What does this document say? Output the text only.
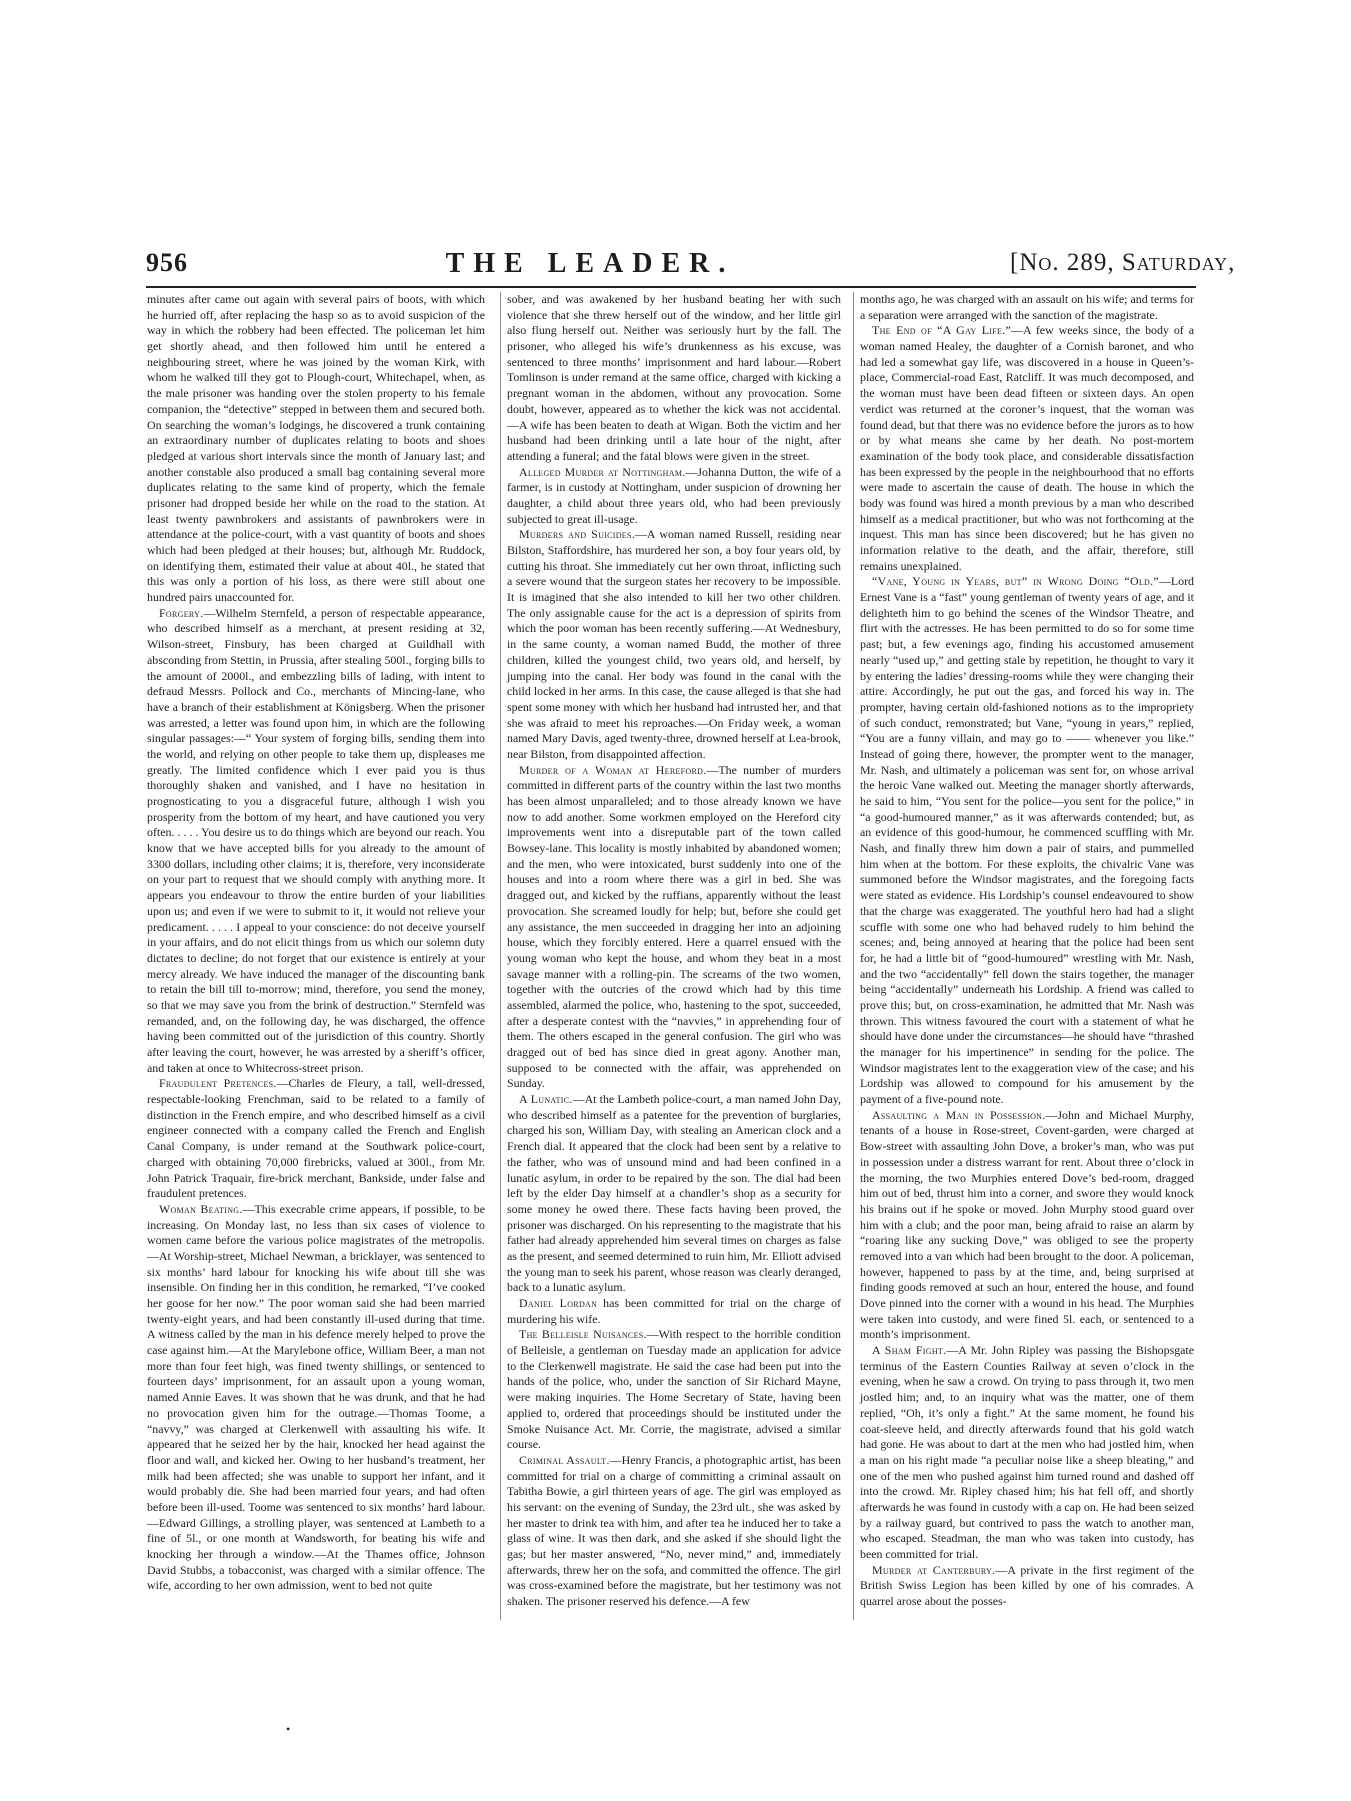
956	THE LEADER.	[No. 289, Saturday,

minutes after came out again with several pairs of boots, with which he hurried off, after replacing the hasp so as to avoid suspicion of the way in which the robbery had been effected. The policeman let him get shortly ahead, and then followed him until he entered a neighbouring street, where he was joined by the woman Kirk, with whom he walked till they got to Plough-court, Whitechapel, when, as the male prisoner was handing over the stolen property to his female companion, the “detective” stepped in between them and secured both. On searching the woman’s lodgings, he discovered a trunk containing an extraordinary number of duplicates relating to boots and shoes pledged at various short intervals since the month of January last; and another constable also produced a small bag containing several more duplicates relating to the same kind of property, which the female prisoner had dropped beside her while on the road to the station. At least twenty pawnbrokers and assistants of pawnbrokers were in attendance at the police-court, with a vast quantity of boots and shoes which had been pledged at their houses; but, although Mr. Ruddock, on identifying them, estimated their value at about 40l., he stated that this was only a portion of his loss, as there were still about one hundred pairs unaccounted for.

Forgery.—Wilhelm Sternfeld, a person of respectable appearance, who described himself as a merchant, at present residing at 32, Wilson-street, Finsbury, has been charged at Guildhall with absconding from Stettin, in Prussia, after stealing 500l., forging bills to the amount of 2000l., and embezzling bills of lading, with intent to defraud Messrs. Pollock and Co., merchants of Mincing-lane, who have a branch of their establishment at Königsberg. When the prisoner was arrested, a letter was found upon him, in which are the following singular passages:—“ Your system of forging bills, sending them into the world, and relying on other people to take them up, displeases me greatly. The limited confidence which I ever paid you is thus thoroughly shaken and vanished, and I have no hesitation in prognosticating to you a disgraceful future, although I wish you prosperity from the bottom of my heart, and have cautioned you very often. . . . . You desire us to do things which are beyond our reach. You know that we have accepted bills for you already to the amount of 3300 dollars, including other claims; it is, therefore, very inconsiderate on your part to request that we should comply with anything more. It appears you endeavour to throw the entire burden of your liabilities upon us; and even if we were to submit to it, it would not relieve your predicament. . . . . I appeal to your conscience: do not deceive yourself in your affairs, and do not elicit things from us which our solemn duty dictates to decline; do not forget that our existence is entirely at your mercy already. We have induced the manager of the discounting bank to retain the bill till to-morrow; mind, therefore, you send the money, so that we may save you from the brink of destruction.” Sternfeld was remanded, and, on the following day, he was discharged, the offence having been committed out of the jurisdiction of this country. Shortly after leaving the court, however, he was arrested by a sheriff’s officer, and taken at once to Whitecross-street prison.

Fraudulent Pretences.—Charles de Fleury, a tall, well-dressed, respectable-looking Frenchman, said to be related to a family of distinction in the French empire, and who described himself as a civil engineer connected with a company called the French and English Canal Company, is under remand at the Southwark police-court, charged with obtaining 70,000 firebricks, valued at 300l., from Mr. John Patrick Traquair, fire-brick merchant, Bankside, under false and fraudulent pretences.

Woman Beating.—This execrable crime appears, if possible, to be increasing. On Monday last, no less than six cases of violence to women came before the various police magistrates of the metropolis.—At Worship-street, Michael Newman, a bricklayer, was sentenced to six months’ hard labour for knocking his wife about till she was insensible. On finding her in this condition, he remarked, “I’ve cooked her goose for her now.” The poor woman said she had been married twenty-eight years, and had been constantly ill-used during that time. A witness called by the man in his defence merely helped to prove the case against him.—At the Marylebone office, William Beer, a man not more than four feet high, was fined twenty shillings, or sentenced to fourteen days’ imprisonment, for an assault upon a young woman, named Annie Eaves. It was shown that he was drunk, and that he had no provocation given him for the outrage.—Thomas Toome, a “navvy,” was charged at Clerkenwell with assaulting his wife. It appeared that he seized her by the hair, knocked her head against the floor and wall, and kicked her. Owing to her husband’s treatment, her milk had been affected; she was unable to support her infant, and it would probably die. She had been married four years, and had often before been ill-used. Toome was sentenced to six months’ hard labour.—Edward Gillings, a strolling player, was sentenced at Lambeth to a fine of 5l., or one month at Wandsworth, for beating his wife and knocking her through a window.—At the Thames office, Johnson David Stubbs, a tobacconist, was charged with a similar offence. The wife, according to her own admission, went to bed not quite

sober, and was awakened by her husband beating her with such violence that she threw herself out of the window, and her little girl also flung herself out. Neither was seriously hurt by the fall. The prisoner, who alleged his wife’s drunkenness as his excuse, was sentenced to three months’ imprisonment and hard labour.—Robert Tomlinson is under remand at the same office, charged with kicking a pregnant woman in the abdomen, without any provocation. Some doubt, however, appeared as to whether the kick was not accidental.—A wife has been beaten to death at Wigan. Both the victim and her husband had been drinking until a late hour of the night, after attending a funeral; and the fatal blows were given in the street.

Alleged Murder at Nottingham.—Johanna Dutton, the wife of a farmer, is in custody at Nottingham, under suspicion of drowning her daughter, a child about three years old, who had been previously subjected to great ill-usage.

Murders and Suicides.—A woman named Russell, residing near Bilston, Staffordshire, has murdered her son, a boy four years old, by cutting his throat. She immediately cut her own throat, inflicting such a severe wound that the surgeon states her recovery to be impossible. It is imagined that she also intended to kill her two other children. The only assignable cause for the act is a depression of spirits from which the poor woman has been recently suffering.—At Wednesbury, in the same county, a woman named Budd, the mother of three children, killed the youngest child, two years old, and herself, by jumping into the canal. Her body was found in the canal with the child locked in her arms. In this case, the cause alleged is that she had spent some money with which her husband had intrusted her, and that she was afraid to meet his reproaches.—On Friday week, a woman named Mary Davis, aged twenty-three, drowned herself at Lea-brook, near Bilston, from disappointed affection.

Murder of a Woman at Hereford.—The number of murders committed in different parts of the country within the last two months has been almost unparalleled; and to those already known we have now to add another. Some workmen employed on the Hereford city improvements went into a disreputable part of the town called Bowsey-lane. This locality is mostly inhabited by abandoned women; and the men, who were intoxicated, burst suddenly into one of the houses and into a room where there was a girl in bed. She was dragged out, and kicked by the ruffians, apparently without the least provocation. She screamed loudly for help; but, before she could get any assistance, the men succeeded in dragging her into an adjoining house, which they forcibly entered. Here a quarrel ensued with the young woman who kept the house, and whom they beat in a most savage manner with a rolling-pin. The screams of the two women, together with the outcries of the crowd which had by this time assembled, alarmed the police, who, hastening to the spot, succeeded, after a desperate contest with the “navvies,” in apprehending four of them. The others escaped in the general confusion. The girl who was dragged out of bed has since died in great agony. Another man, supposed to be connected with the affair, was apprehended on Sunday.

A Lunatic.—At the Lambeth police-court, a man named John Day, who described himself as a patentee for the prevention of burglaries, charged his son, William Day, with stealing an American clock and a French dial. It appeared that the clock had been sent by a relative to the father, who was of unsound mind and had been confined in a lunatic asylum, in order to be repaired by the son. The dial had been left by the elder Day himself at a chandler’s shop as a security for some money he owed there. These facts having been proved, the prisoner was discharged. On his representing to the magistrate that his father had already apprehended him several times on charges as false as the present, and seemed determined to ruin him, Mr. Elliott advised the young man to seek his parent, whose reason was clearly deranged, back to a lunatic asylum.

Daniel Lordan has been committed for trial on the charge of murdering his wife.

The Belleisle Nuisances.—With respect to the horrible condition of Belleisle, a gentleman on Tuesday made an application for advice to the Clerkenwell magistrate. He said the case had been put into the hands of the police, who, under the sanction of Sir Richard Mayne, were making inquiries. The Home Secretary of State, having been applied to, ordered that proceedings should be instituted under the Smoke Nuisance Act. Mr. Corrie, the magistrate, advised a similar course.

Criminal Assault.—Henry Francis, a photographic artist, has been committed for trial on a charge of committing a criminal assault on Tabitha Bowie, a girl thirteen years of age. The girl was employed as his servant: on the evening of Sunday, the 23rd ult., she was asked by her master to drink tea with him, and after tea he induced her to take a glass of wine. It was then dark, and she asked if she should light the gas; but her master answered, “No, never mind,” and, immediately afterwards, threw her on the sofa, and committed the offence. The girl was cross-examined before the magistrate, but her testimony was not shaken. The prisoner reserved his defence.—A few

months ago, he was charged with an assault on his wife; and terms for a separation were arranged with the sanction of the magistrate.

The End of “A Gay Life.”—A few weeks since, the body of a woman named Healey, the daughter of a Cornish baronet, and who had led a somewhat gay life, was discovered in a house in Queen’s-place, Commercial-road East, Ratcliff. It was much decomposed, and the woman must have been dead fifteen or sixteen days. An open verdict was returned at the coroner’s inquest, that the woman was found dead, but that there was no evidence before the jurors as to how or by what means she came by her death. No post-mortem examination of the body took place, and considerable dissatisfaction has been expressed by the people in the neighbourhood that no efforts were made to ascertain the cause of death. The house in which the body was found was hired a month previous by a man who described himself as a medical practitioner, but who was not forthcoming at the inquest. This man has since been discovered; but he has given no information relative to the death, and the affair, therefore, still remains unexplained.

“Vane, Young in Years, but” in Wrong Doing “Old.”—Lord Ernest Vane is a “fast” young gentleman of twenty years of age, and it delighteth him to go behind the scenes of the Windsor Theatre, and flirt with the actresses. He has been permitted to do so for some time past; but, a few evenings ago, finding his accustomed amusement nearly “used up,” and getting stale by repetition, he thought to vary it by entering the ladies’ dressing-rooms while they were changing their attire. Accordingly, he put out the gas, and forced his way in. The prompter, having certain old-fashioned notions as to the impropriety of such conduct, remonstrated; but Vane, “young in years,” replied, “You are a funny villain, and may go to —— whenever you like.” Instead of going there, however, the prompter went to the manager, Mr. Nash, and ultimately a policeman was sent for, on whose arrival the heroic Vane walked out. Meeting the manager shortly afterwards, he said to him, “You sent for the police—you sent for the police,” in “a good-humoured manner,” as it was afterwards contended; but, as an evidence of this good-humour, he commenced scuffling with Mr. Nash, and finally threw him down a pair of stairs, and pummelled him when at the bottom. For these exploits, the chivalric Vane was summoned before the Windsor magistrates, and the foregoing facts were stated as evidence. His Lordship’s counsel endeavoured to show that the charge was exaggerated. The youthful hero had had a slight scuffle with some one who had behaved rudely to him behind the scenes; and, being annoyed at hearing that the police had been sent for, he had a little bit of “good-humoured” wrestling with Mr. Nash, and the two “accidentally” fell down the stairs together, the manager being “accidentally” underneath his Lordship. A friend was called to prove this; but, on cross-examination, he admitted that Mr. Nash was thrown. This witness favoured the court with a statement of what he should have done under the circumstances—he should have “thrashed the manager for his impertinence” in sending for the police. The Windsor magistrates lent to the exaggeration view of the case; and his Lordship was allowed to compound for his amusement by the payment of a five-pound note.

Assaulting a Man in Possession.—John and Michael Murphy, tenants of a house in Rose-street, Covent-garden, were charged at Bow-street with assaulting John Dove, a broker’s man, who was put in possession under a distress warrant for rent. About three o’clock in the morning, the two Murphies entered Dove’s bed-room, dragged him out of bed, thrust him into a corner, and swore they would knock his brains out if he spoke or moved. John Murphy stood guard over him with a club; and the poor man, being afraid to raise an alarm by “roaring like any sucking Dove,” was obliged to see the property removed into a van which had been brought to the door. A policeman, however, happened to pass by at the time, and, being surprised at finding goods removed at such an hour, entered the house, and found Dove pinned into the corner with a wound in his head. The Murphies were taken into custody, and were fined 5l. each, or sentenced to a month’s imprisonment.

A Sham Fight.—A Mr. John Ripley was passing the Bishopsgate terminus of the Eastern Counties Railway at seven o’clock in the evening, when he saw a crowd. On trying to pass through it, two men jostled him; and, to an inquiry what was the matter, one of them replied, “Oh, it’s only a fight.” At the same moment, he found his coat-sleeve held, and directly afterwards found that his gold watch had gone. He was about to dart at the men who had jostled him, when a man on his right made “a peculiar noise like a sheep bleating,” and one of the men who pushed against him turned round and dashed off into the crowd. Mr. Ripley chased him; his hat fell off, and shortly afterwards he was found in custody with a cap on. He had been seized by a railway guard, but contrived to pass the watch to another man, who escaped. Steadman, the man who was taken into custody, has been committed for trial.

Murder at Canterbury.—A private in the first regiment of the British Swiss Legion has been killed by one of his comrades. A quarrel arose about the posses-

•
